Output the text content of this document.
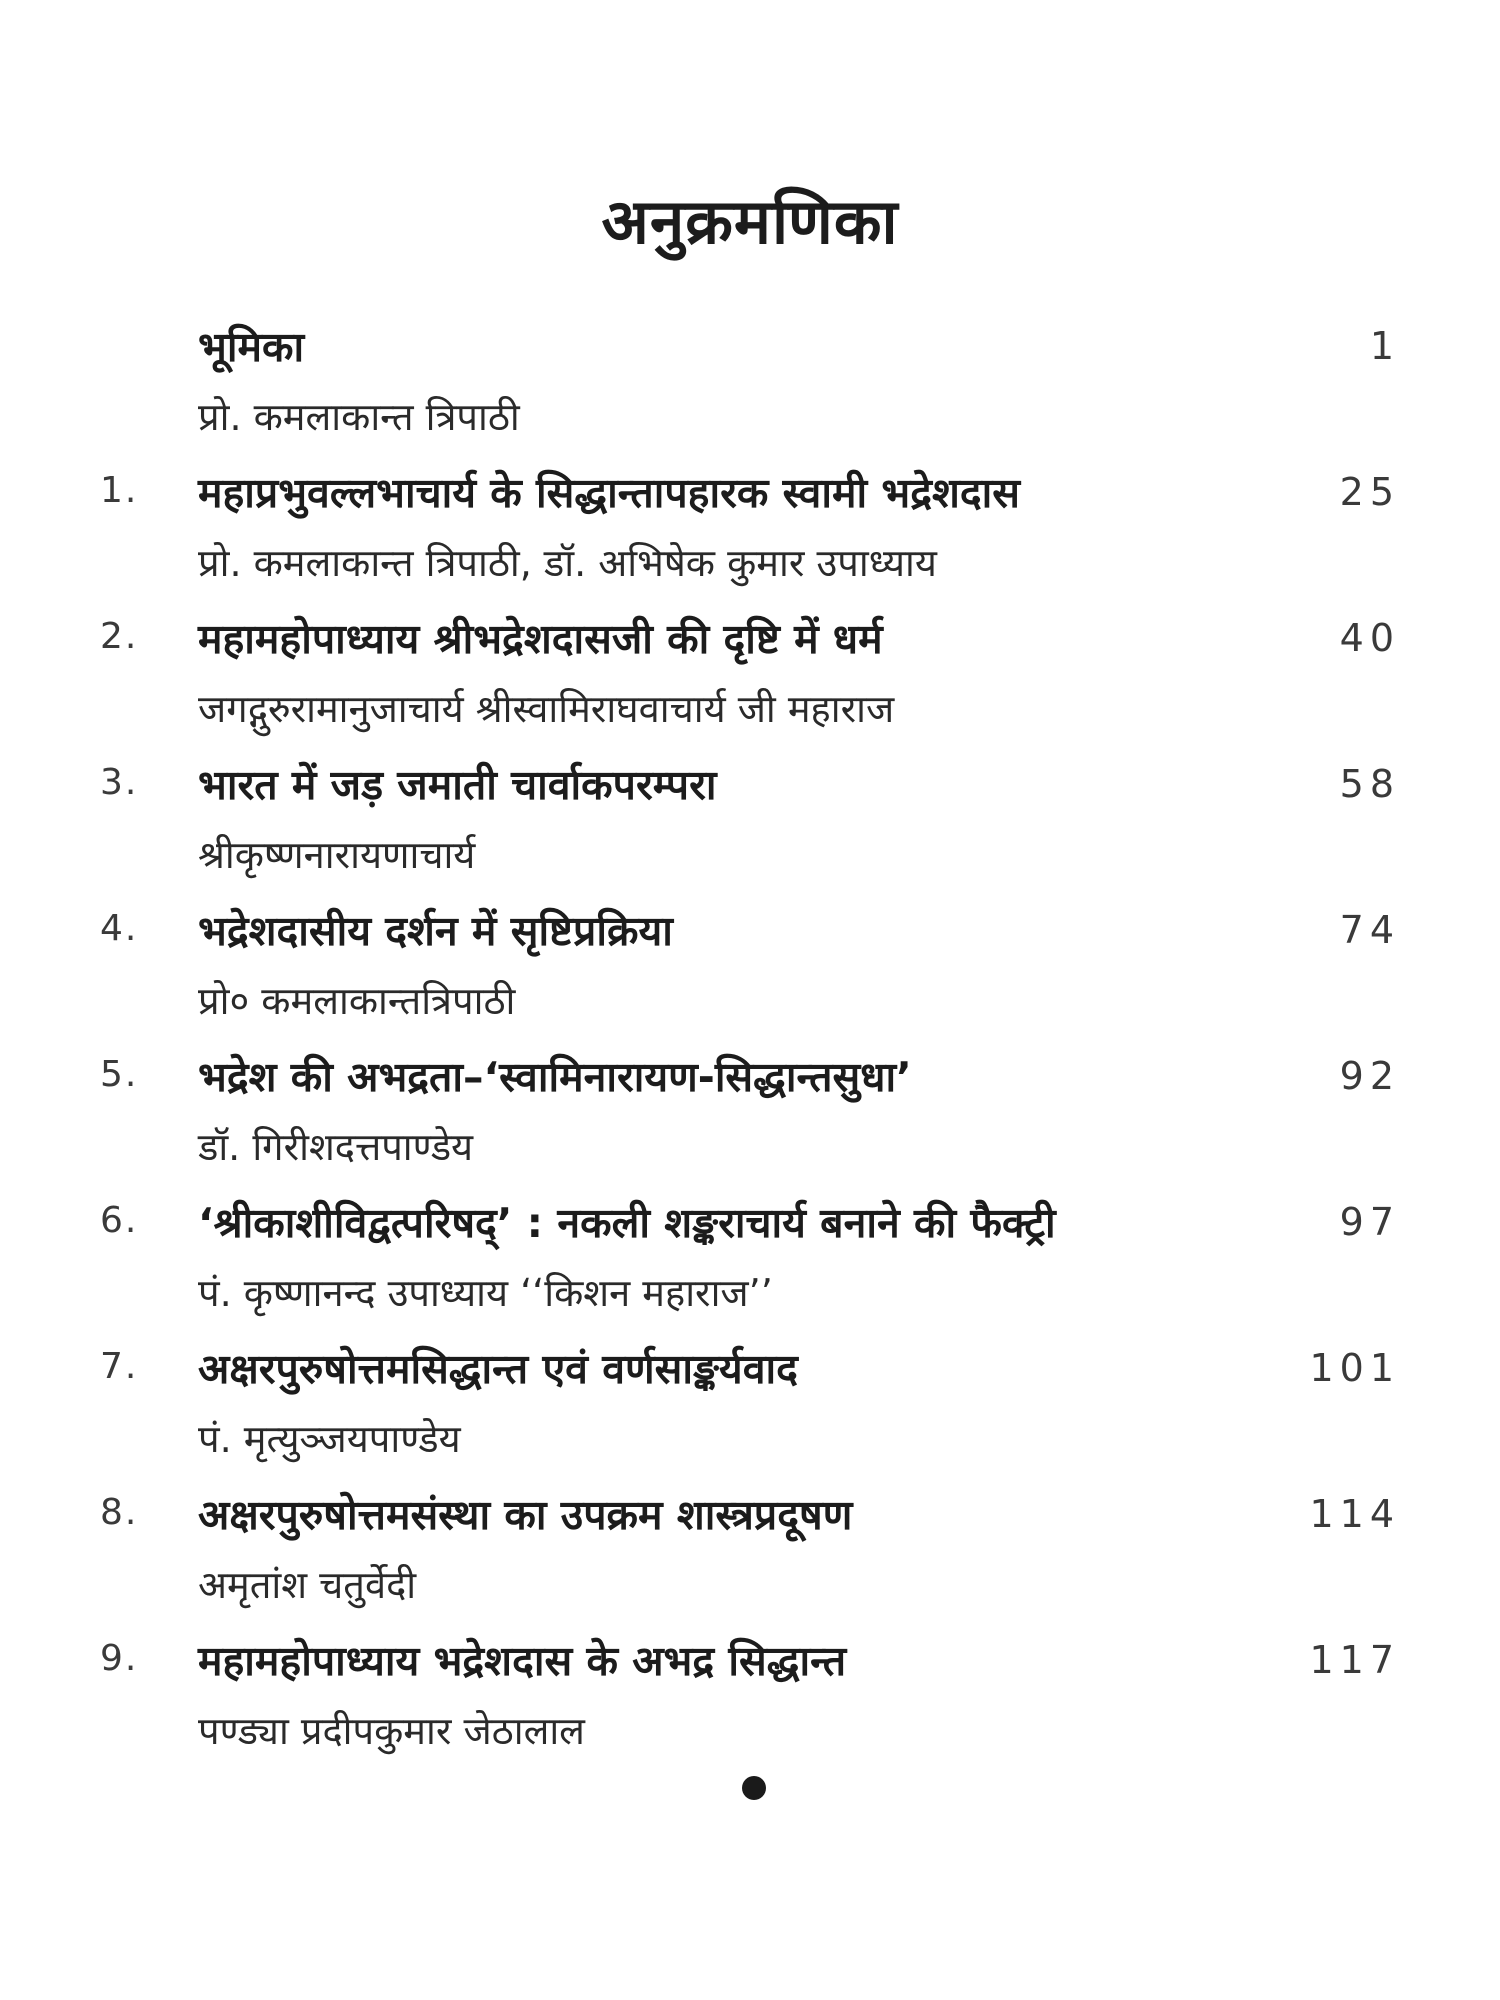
अनुक्रमणिका
भूमिका	1
प्रो. कमलाकान्त त्रिपाठी
1.	महाप्रभुवल्लभाचार्य के सिद्धान्तापहारक स्वामी भद्रेशदास	25
प्रो. कमलाकान्त त्रिपाठी, डॉ. अभिषेक कुमार उपाध्याय
2.	महामहोपाध्याय श्रीभद्रेशदासजी की दृष्टि में धर्म	40
जगद्गुरुरामानुजाचार्य श्रीस्वामिराघवाचार्य जी महाराज
3.	भारत में जड़ जमाती चार्वाकपरम्परा	58
श्रीकृष्णनारायणाचार्य
4.	भद्रेशदासीय दर्शन में सृष्टिप्रक्रिया	74
प्रो० कमलाकान्तत्रिपाठी
5.	भद्रेश की अभद्रता–‘स्वामिनारायण-सिद्धान्तसुधा’	92
डॉ. गिरीशदत्तपाण्डेय
6.	‘श्रीकाशीविद्वत्परिषद्’ : नकली शङ्कराचार्य बनाने की फैक्ट्री	97
पं. कृष्णानन्द उपाध्याय ‘‘किशन महाराज’’
7.	अक्षरपुरुषोत्तमसिद्धान्त एवं वर्णसाङ्कर्यवाद	101
पं. मृत्युञ्जयपाण्डेय
8.	अक्षरपुरुषोत्तमसंस्था का उपक्रम शास्त्रप्रदूषण	114
अमृतांश चतुर्वेदी
9.	महामहोपाध्याय भद्रेशदास के अभद्र सिद्धान्त	117
पण्ड्या प्रदीपकुमार जेठालाल
